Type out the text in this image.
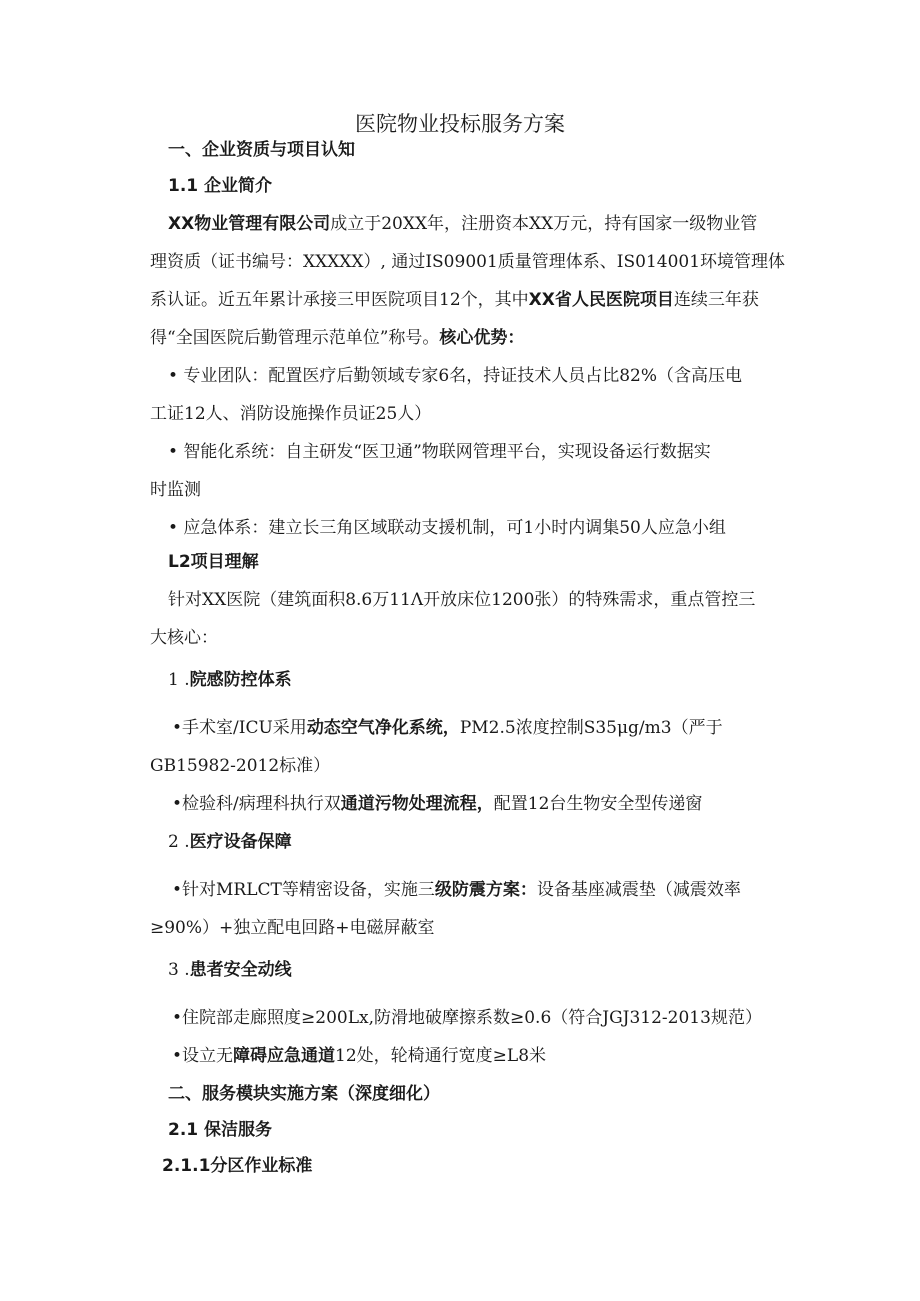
医院物业投标服务方案
一、企业资质与项目认知
1.1 企业简介
XX物业管理有限公司成立于20XX年，注册资本XX万元，持有国家一级物业管
理资质（证书编号：XXXXX）, 通过IS09001质量管理体系、IS014001环境管理体
系认证。近五年累计承接三甲医院项目12个，其中XX省人民医院项目连续三年获
得“全国医院后勤管理示范单位”称号。核心优势：
• 专业团队：配置医疗后勤领域专家6名，持证技术人员占比82%（含高压电
工证12人、消防设施操作员证25人）
• 智能化系统：自主研发“医卫通”物联网管理平台，实现设备运行数据实
时监测
• 应急体系：建立长三角区域联动支援机制，可1小时内调集50人应急小组
L2项目理解
针对XX医院（建筑面积8.6万11Λ开放床位1200张）的特殊需求，重点管控三
大核心：
1 .院感防控体系
•手术室/ICU采用动态空气净化系统，PM2.5浓度控制S35μg∕m3（严于
GB15982-2012标准）
•检验科/病理科执行双通道污物处理流程，配置12台生物安全型传递窗
2 .医疗设备保障
•针对MRLCT等精密设备，实施三级防震方案：设备基座减震垫（减震效率
≥90%）+独立配电回路+电磁屏蔽室
3 .患者安全动线
•住院部走廊照度≥200Lx,防滑地破摩擦系数≥0.6（符合JGJ312-2013规范）
•设立无障碍应急通道12处，轮椅通行宽度≥L8米
二、服务模块实施方案（深度细化）
2.1 保洁服务
2.1.1分区作业标准
